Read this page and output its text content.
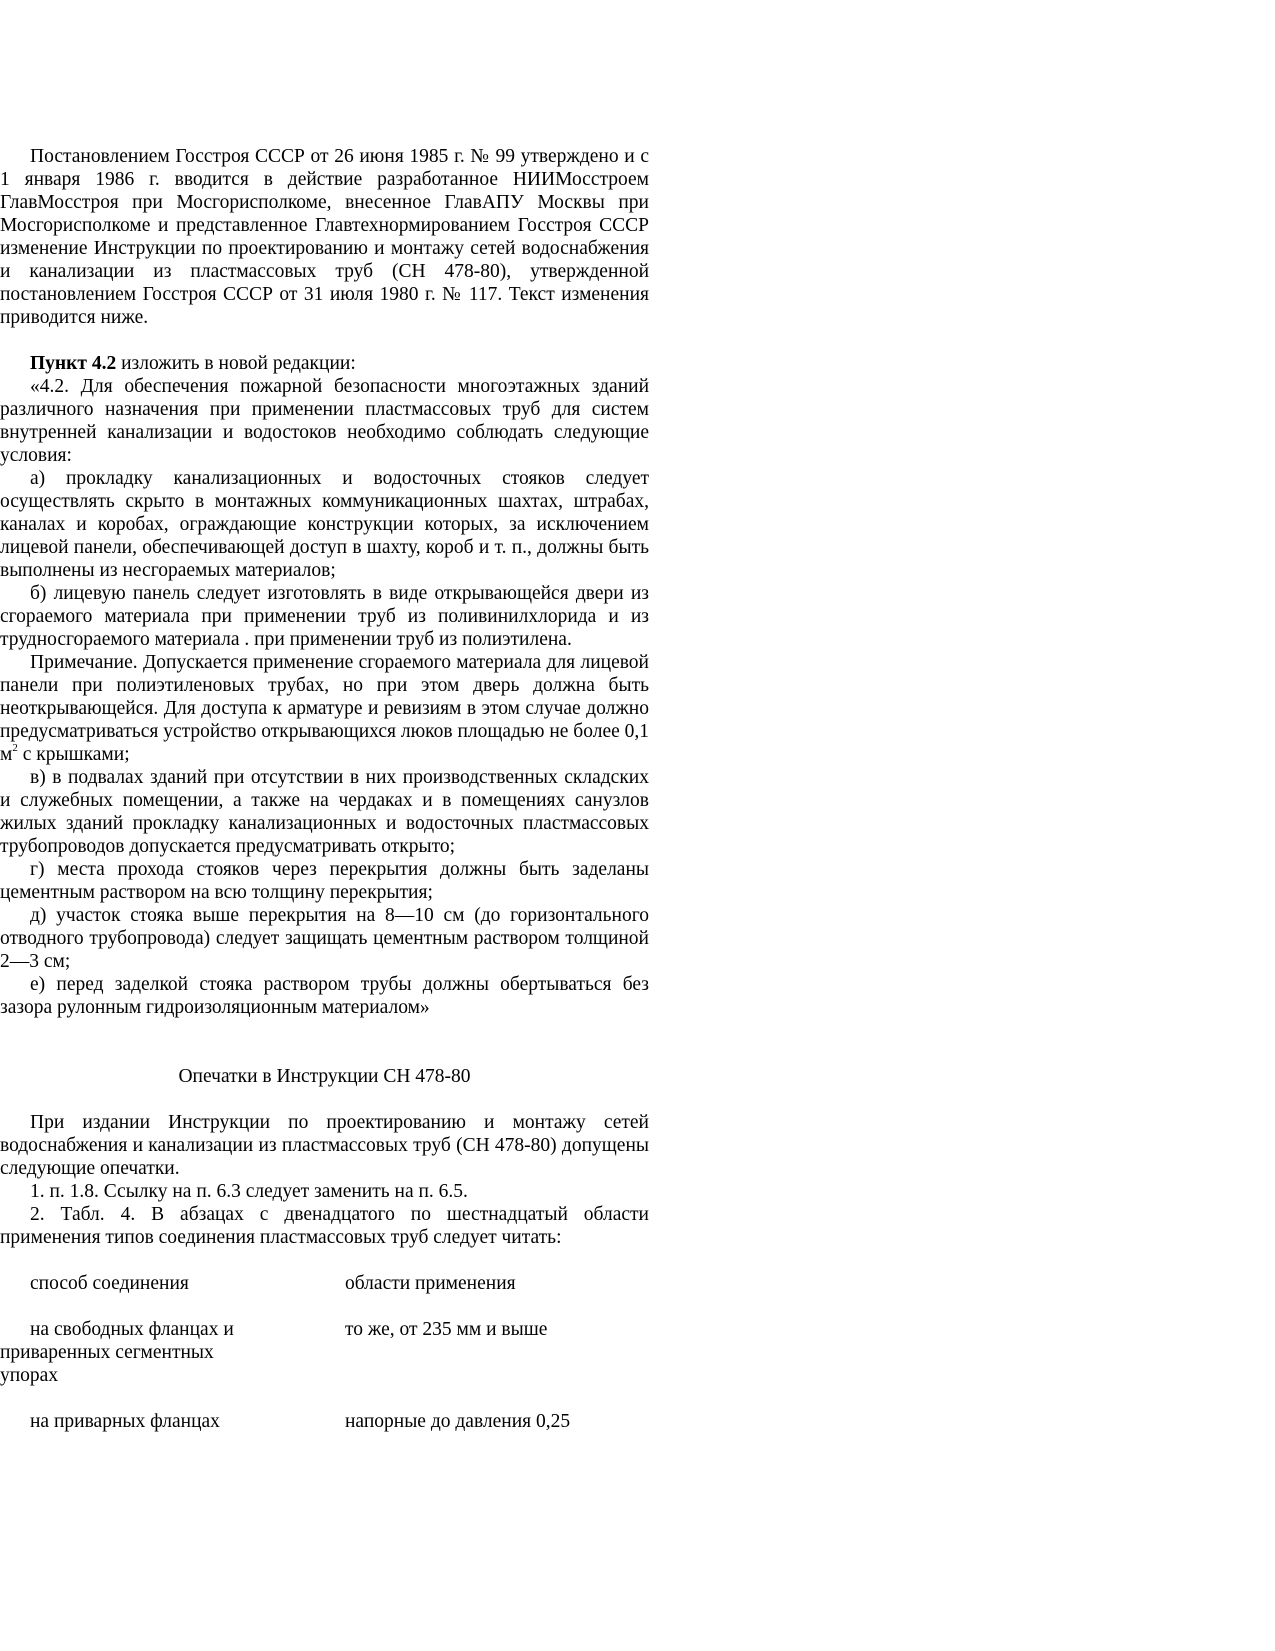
Постановлением Госстроя СССР от 26 июня 1985 г. № 99 утверждено и с 1 января 1986 г. вводится в действие разработанное НИИМосстроем ГлавМосстроя при Мосгорисполкоме, внесенное ГлавАПУ Москвы при Мосгорисполкоме и представленное Главтехнормированием Госстроя СССР изменение Инструкции по проектированию и монтажу сетей водоснабжения и канализации из пластмассовых труб (СН 478-80), утвержденной постановлением Госстроя СССР от 31 июля 1980 г. № 117. Текст изменения приводится ниже.

Пункт 4.2 изложить в новой редакции:

«4.2. Для обеспечения пожарной безопасности многоэтажных зданий различного назначения при применении пластмассовых труб для систем внутренней канализации и водостоков необходимо соблюдать следующие условия:

а) прокладку канализационных и водосточных стояков следует осуществлять скрыто в монтажных коммуникационных шахтах, штрабах, каналах и коробах, ограждающие конструкции которых, за исключением лицевой панели, обеспечивающей доступ в шахту, короб и т. п., должны быть выполнены из несгораемых материалов;

б) лицевую панель следует изготовлять в виде открывающейся двери из сгораемого материала при применении труб из поливинилхлорида и из трудносгораемого материала . при применении труб из полиэтилена.

Примечание. Допускается применение сгораемого материала для лицевой панели при полиэтиленовых трубах, но при этом дверь должна быть неоткрывающейся. Для доступа к арматуре и ревизиям в этом случае должно предусматриваться устройство открывающихся люков площадью не более 0,1 $м^2$ с крышками;

в) в подвалах зданий при отсутствии в них производственных складских и служебных помещении, а также на чердаках и в помещениях санузлов жилых зданий прокладку канализационных и водосточных пластмассовых трубопроводов допускается предусматривать открыто;

г) места прохода стояков через перекрытия должны быть заделаны цементным раствором на всю толщину перекрытия;

д) участок стояка выше перекрытия на 8—10 см (до горизонтального отводного трубопровода) следует защищать цементным раствором толщиной 2—3 см;

е) перед заделкой стояка раствором трубы должны обертываться без зазора рулонным гидроизоляционным материалом»

Опечатки в Инструкции СН 478-80

При издании Инструкции по проектированию и монтажу сетей водоснабжения и канализации из пластмассовых труб (СН 478-80) допущены следующие опечатки.

1. п. 1.8. Ссылку на п. 6.3 следует заменить на п. 6.5.

2. Табл. 4. В абзацах с двенадцатого по шестнадцатый области применения типов соединения пластмассовых труб следует читать:

способ соединения	области применения
на свободных фланцах и приваренных сегментных упорах
то же, от 235 мм и выше
на приварных фланцах	напорные до давления 0,25
